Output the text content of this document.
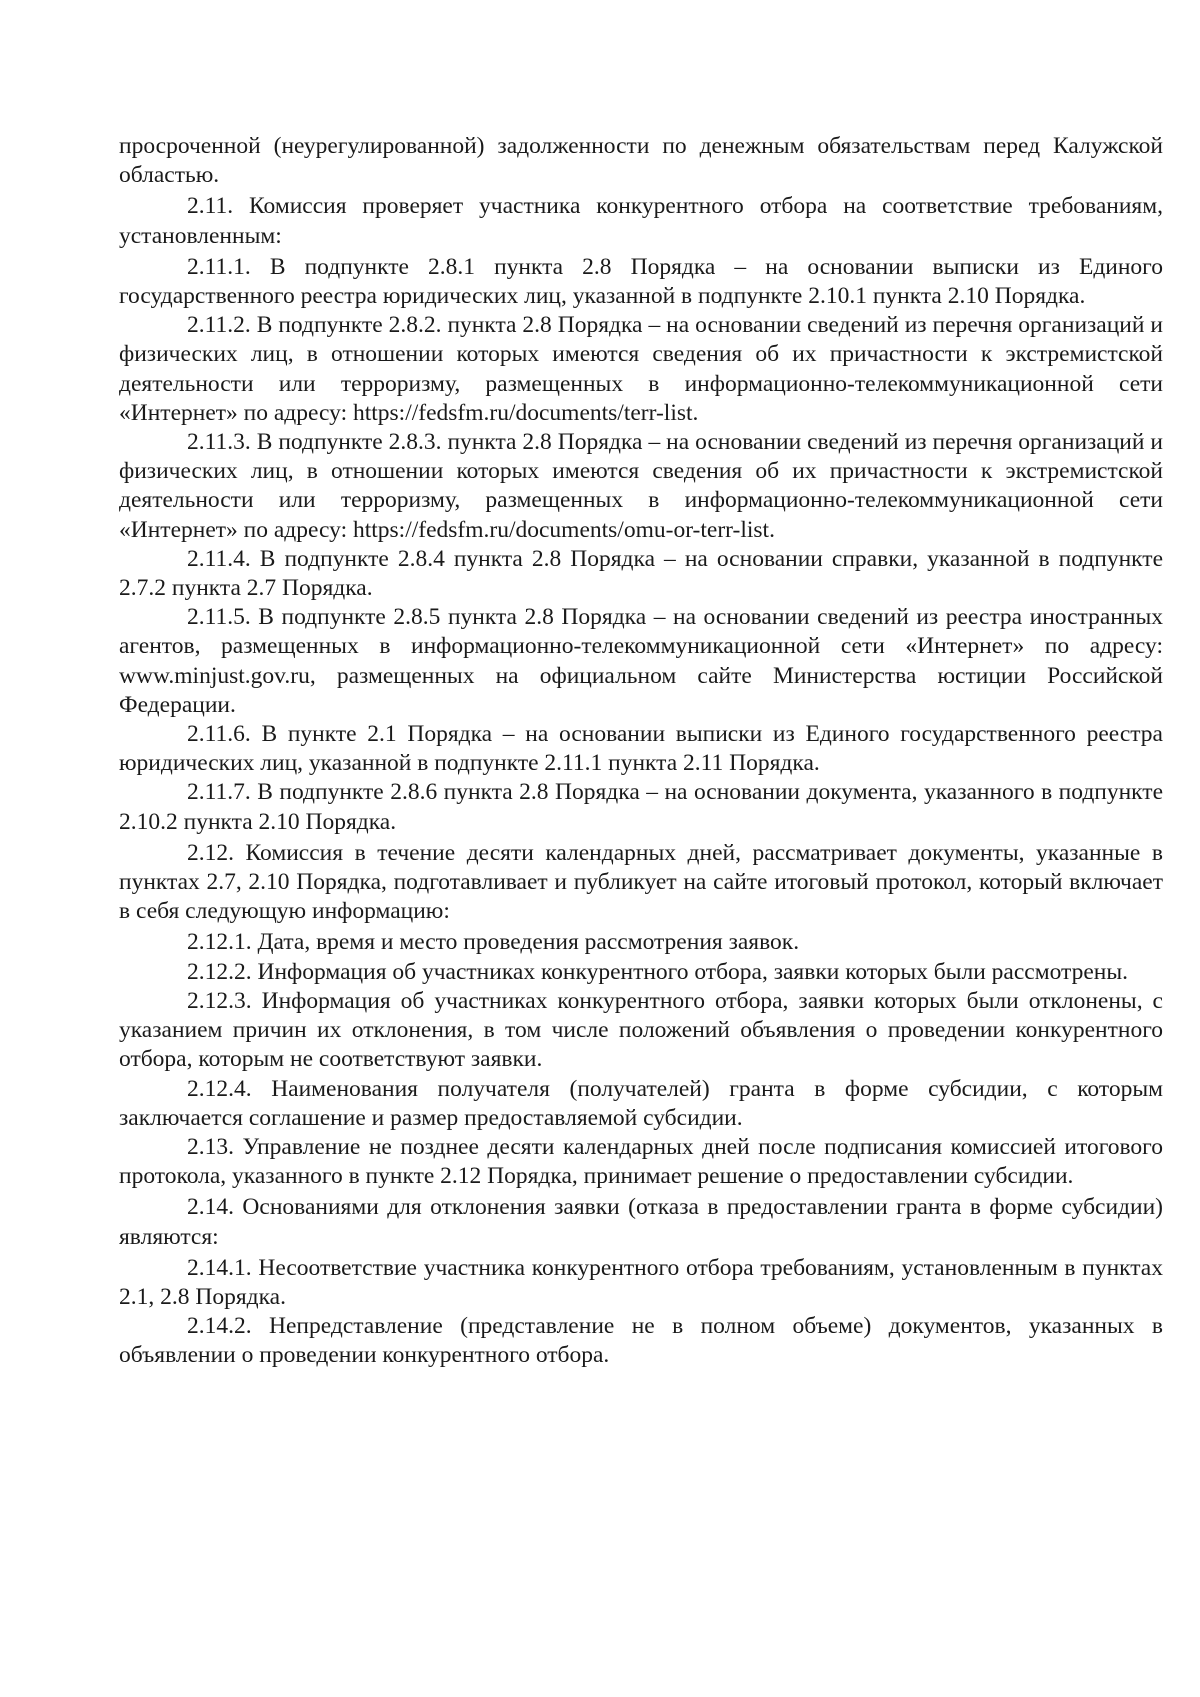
просроченной (неурегулированной) задолженности по денежным обязательствам перед Калужской областью.

2.11. Комиссия проверяет участника конкурентного отбора на соответствие требованиям, установленным:

2.11.1. В подпункте 2.8.1 пункта 2.8 Порядка – на основании выписки из Единого государственного реестра юридических лиц, указанной в подпункте 2.10.1 пункта 2.10 Порядка.

2.11.2. В подпункте 2.8.2. пункта 2.8 Порядка – на основании сведений из перечня организаций и физических лиц, в отношении которых имеются сведения об их причастности к экстремистской деятельности или терроризму, размещенных в информационно-телекоммуникационной сети «Интернет» по адресу: https://fedsfm.ru/documents/terr-list.

2.11.3. В подпункте 2.8.3. пункта 2.8 Порядка – на основании сведений из перечня организаций и физических лиц, в отношении которых имеются сведения об их причастности к экстремистской деятельности или терроризму, размещенных в информационно-телекоммуникационной сети «Интернет» по адресу: https://fedsfm.ru/documents/omu-or-terr-list.

2.11.4. В подпункте 2.8.4 пункта 2.8 Порядка – на основании справки, указанной в подпункте 2.7.2 пункта 2.7 Порядка.

2.11.5. В подпункте 2.8.5 пункта 2.8 Порядка – на основании сведений из реестра иностранных агентов, размещенных в информационно-телекоммуникационной сети «Интернет» по адресу: www.minjust.gov.ru, размещенных на официальном сайте Министерства юстиции Российской Федерации.

2.11.6. В пункте 2.1 Порядка – на основании выписки из Единого государственного реестра юридических лиц, указанной в подпункте 2.11.1 пункта 2.11 Порядка.

2.11.7. В подпункте 2.8.6 пункта 2.8 Порядка – на основании документа, указанного в подпункте 2.10.2 пункта 2.10 Порядка.

2.12. Комиссия в течение десяти календарных дней, рассматривает документы, указанные в пунктах 2.7, 2.10 Порядка, подготавливает и публикует на сайте итоговый протокол, который включает в себя следующую информацию:

2.12.1. Дата, время и место проведения рассмотрения заявок.

2.12.2. Информация об участниках конкурентного отбора, заявки которых были рассмотрены.

2.12.3. Информация об участниках конкурентного отбора, заявки которых были отклонены, с указанием причин их отклонения, в том числе положений объявления о проведении конкурентного отбора, которым не соответствуют заявки.

2.12.4. Наименования получателя (получателей) гранта в форме субсидии, с которым заключается соглашение и размер предоставляемой субсидии.

2.13. Управление не позднее десяти календарных дней после подписания комиссией итогового протокола, указанного в пункте 2.12 Порядка, принимает решение о предоставлении субсидии.

2.14. Основаниями для отклонения заявки (отказа в предоставлении гранта в форме субсидии) являются:

2.14.1. Несоответствие участника конкурентного отбора требованиям, установленным в пунктах 2.1, 2.8 Порядка.

2.14.2. Непредставление (представление не в полном объеме) документов, указанных в объявлении о проведении конкурентного отбора.
